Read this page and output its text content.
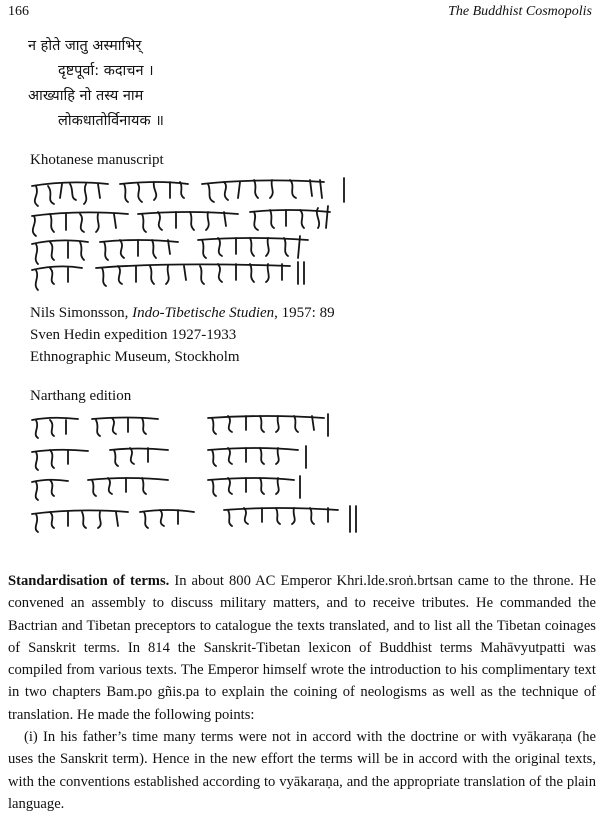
166	The Buddhist Cosmopolis
न होते जातु अस्माभिर्
दृष्टपूर्वा: कदाचन ।
आख्याहि नो तस्य नाम
लोकधातोर्विनायक ॥
Khotanese manuscript
Nils Simonsson, Indo-Tibetische Studien, 1957: 89
Sven Hedin expedition 1927-1933
Ethnographic Museum, Stockholm
Narthang edition

Standardisation of terms. In about 800 AC Emperor Khri.lde.sroṅ.brtsan came to the throne. He convened an assembly to discuss military matters, and to receive tributes. He commanded the Bactrian and Tibetan preceptors to catalogue the texts translated, and to list all the Tibetan coinages of Sanskrit terms. In 814 the Sanskrit-Tibetan lexicon of Buddhist terms Mahāvyutpatti was compiled from various texts. The Emperor himself wrote the introduction to his complimentary text in two chapters Bam.po gñis.pa to explain the coining of neologisms as well as the technique of translation. He made the following points:

(i) In his father’s time many terms were not in accord with the doctrine or with vyākaraṇa (he uses the Sanskrit term). Hence in the new effort the terms will be in accord with the original texts, with the conventions established according to vyākaraṇa, and the appropriate translation of the plain language.
